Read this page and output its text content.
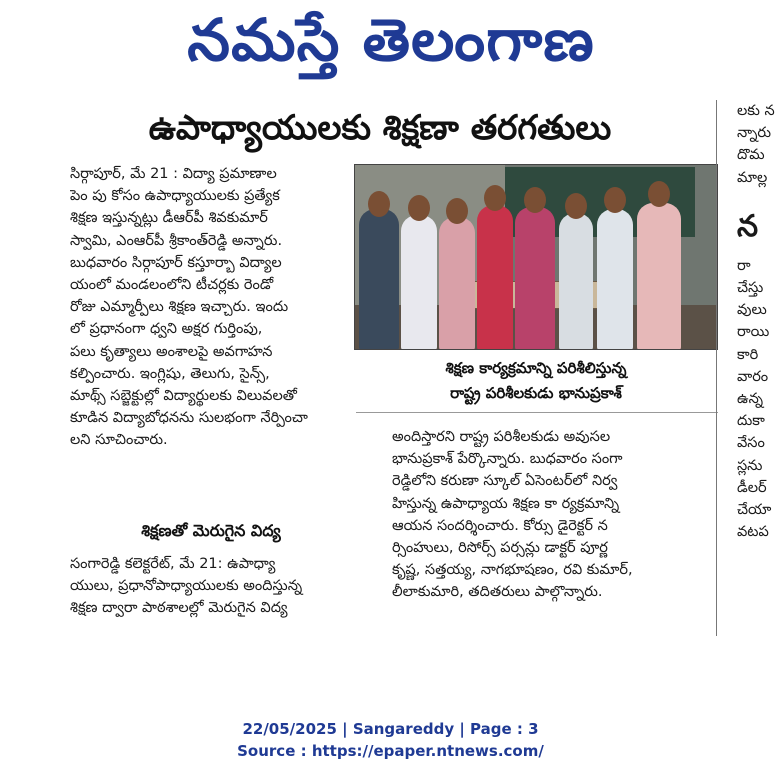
నమస్తే తెలంగాణ
ఉపాధ్యాయులకు శిక్షణా తరగతులు

సిర్గాపూర్, మే 21 : విద్యా ప్రమాణాల

పెం పు కోసం ఉపాధ్యాయులకు ప్రత్యేక

శిక్షణ ఇస్తున్నట్లు డీఆర్‌పీ శివకుమార్

స్వామి, ఎంఆర్‌పీ శ్రీకాంత్‌రెడ్డి అన్నారు.

బుధవారం సిర్గాపూర్ కస్తూర్బా విద్యాల

యంలో మండలంలోని టీచర్లకు రెండో

రోజు ఎమ్మార్పీలు శిక్షణ ఇచ్చారు. ఇందు

లో ప్రధానంగా ధ్వని అక్షర గుర్తింపు,

పలు కృత్యాలు అంశాలపై అవగాహన

కల్పించారు. ఇంగ్లిషు, తెలుగు, సైన్స్,

మాథ్స్ సబ్జెక్టుల్లో విద్యార్థులకు విలువలతో

కూడిన విద్యాబోధనను సులభంగా నేర్పించా

లని సూచించారు.

శిక్షణతో మెరుగైన విద్య

సంగారెడ్డి కలెక్టరేట్, మే 21: ఉపాధ్యా

యులు, ప్రధానోపాధ్యాయులకు అందిస్తున్న

శిక్షణ ద్వారా పాఠశాలల్లో మెరుగైన విద్య

శిక్షణ కార్యక్రమాన్ని పరిశీలిస్తున్న

రాష్ట్ర పరిశీలకుడు భానుప్రకాశ్

అందిస్తారని రాష్ట్ర పరిశీలకుడు అవుసల

భానుప్రకాశ్ పేర్కొన్నారు. బుధవారం సంగా

రెడ్డిలోని కరుణా స్కూల్ ఏసెంటర్‌లో నిర్వ

హిస్తున్న ఉపాధ్యాయ శిక్షణ కా ర్యక్రమాన్ని

ఆయన సందర్శించారు. కోర్సు డైరెక్టర్ న

ర్సింహులు, రిసోర్స్ పర్సన్లు డాక్టర్ పూర్ణ

కృష్ణ, సత్తయ్య, నాగభూషణం, రవి కుమార్,

లీలాకుమారి, తదితరులు పాల్గొన్నారు.

లకు న

న్నారు

దొమ

మాల్ల

న

రా

చేస్తు

వులు

రాయి

కారి

వారం

ఉన్న

దుకా

వేసం

స్లను

డీలర్

చేయా

వటప

22/05/2025 | Sangareddy | Page : 3
Source : https://epaper.ntnews.com/
